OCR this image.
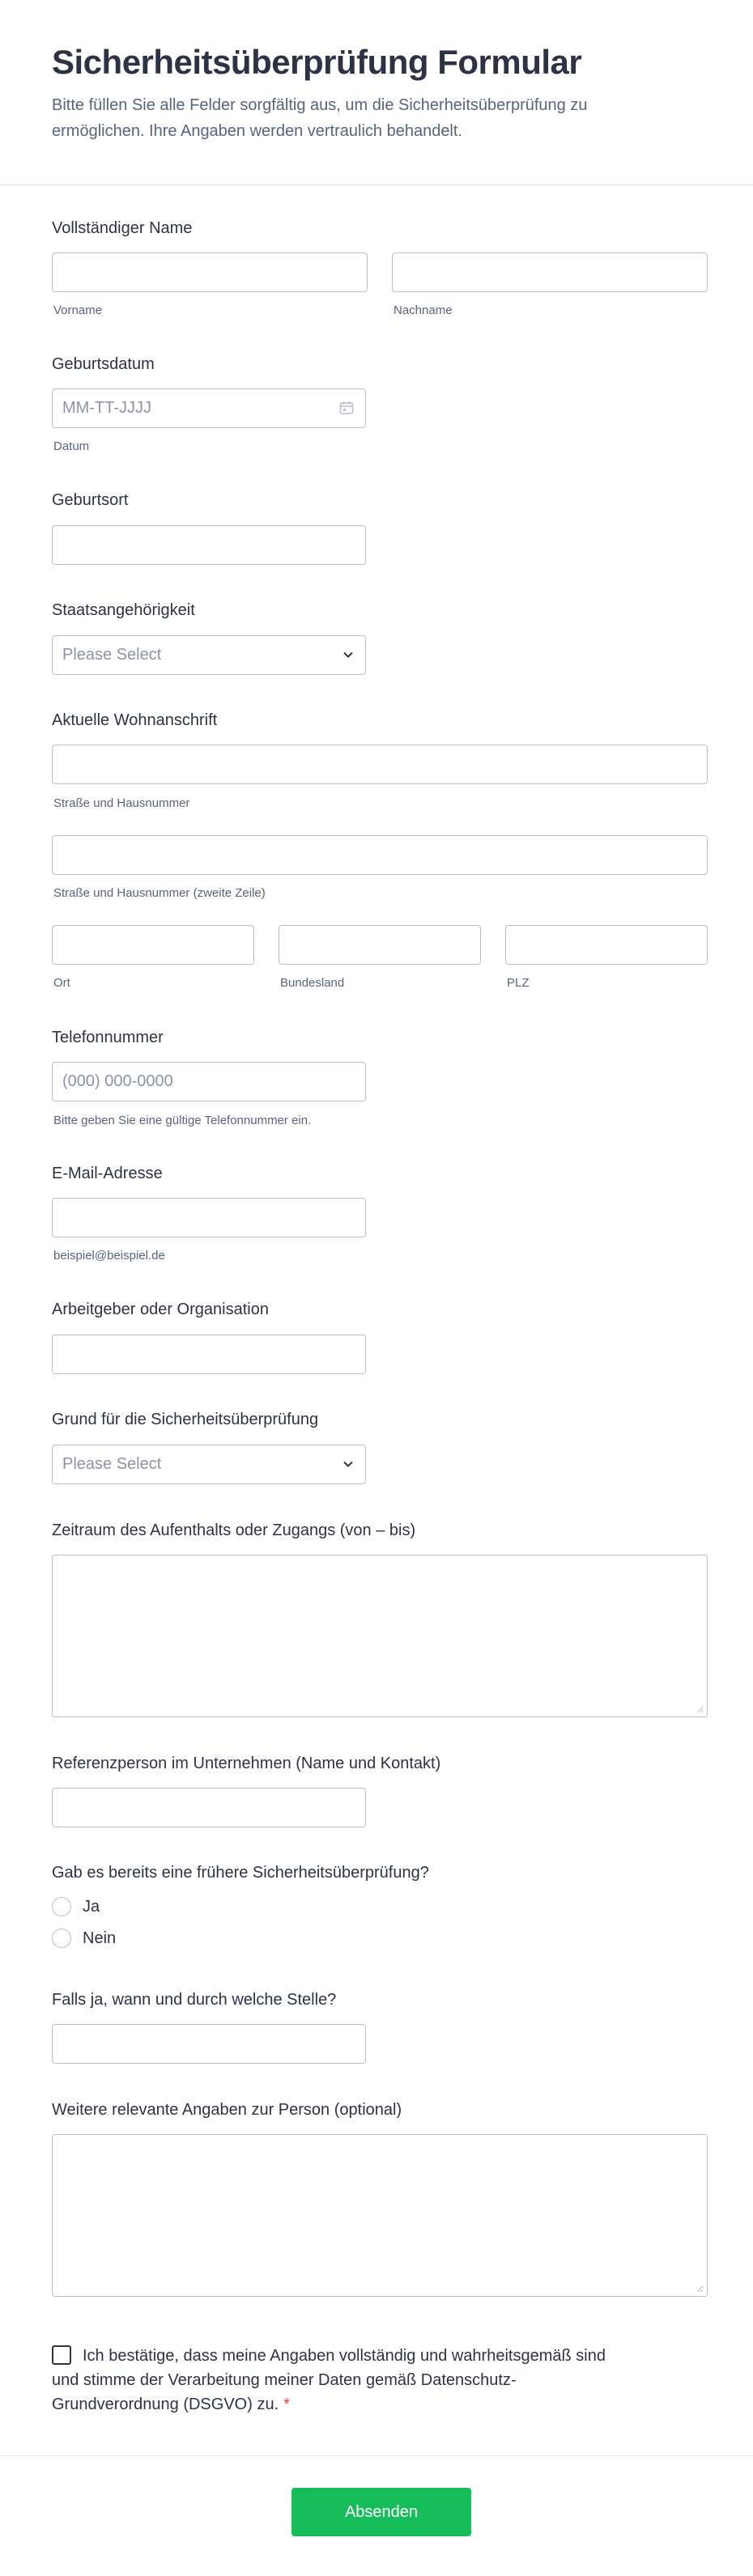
Sicherheitsüberprüfung Formular

Bitte füllen Sie alle Felder sorgfältig aus, um die Sicherheitsüberprüfung zu ermöglichen. Ihre Angaben werden vertraulich behandelt.

Vollständiger Name
Vorname	Nachname
Geburtsdatum
MM-TT-JJJJ
Datum
Geburtsort
Staatsangehörigkeit
Please Select
Aktuelle Wohnanschrift
Straße und Hausnummer
Straße und Hausnummer (zweite Zeile)
Ort	Bundesland	PLZ
Telefonnummer
(000) 000-0000
Bitte geben Sie eine gültige Telefonnummer ein.
E-Mail-Adresse
beispiel@beispiel.de
Arbeitgeber oder Organisation
Grund für die Sicherheitsüberprüfung
Please Select
Zeitraum des Aufenthalts oder Zugangs (von – bis)
Referenzperson im Unternehmen (Name und Kontakt)
Gab es bereits eine frühere Sicherheitsüberprüfung?
Ja
Nein
Falls ja, wann und durch welche Stelle?
Weitere relevante Angaben zur Person (optional)
Ich bestätige, dass meine Angaben vollständig und wahrheitsgemäß sind und stimme der Verarbeitung meiner Daten gemäß Datenschutz-Grundverordnung (DSGVO) zu. *
Absenden
